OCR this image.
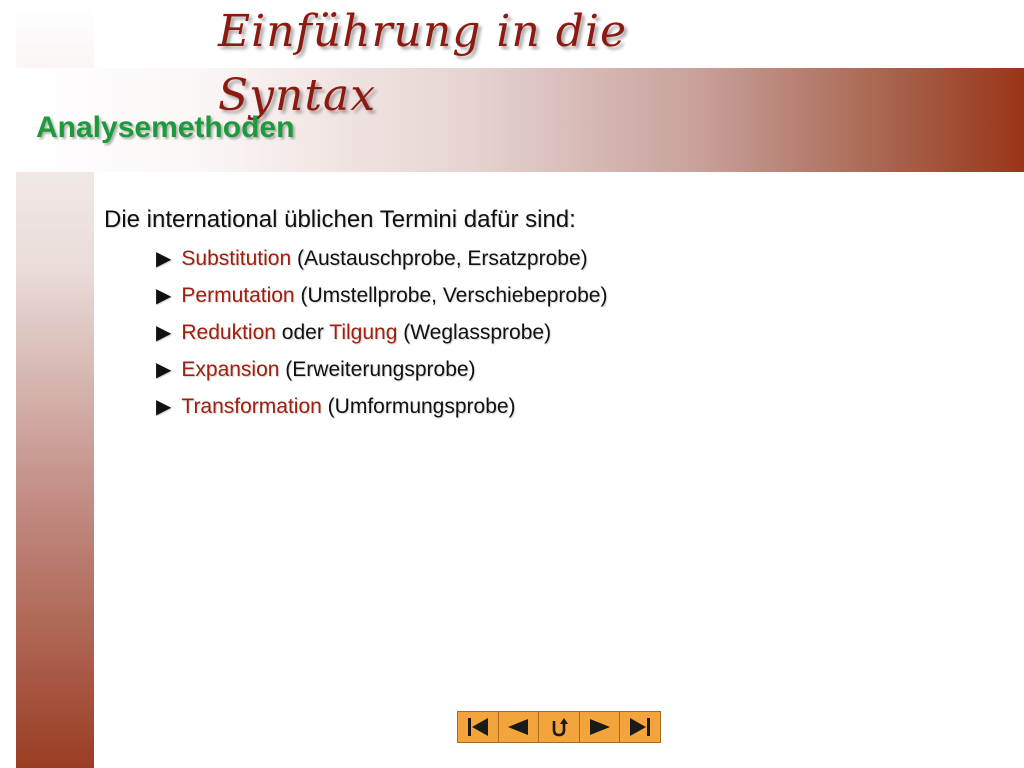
Einführung in die Syntax
Analysemethoden

Die international üblichen Termini dafür sind:

▶ Substitution (Austauschprobe, Ersatzprobe)
▶ Permutation (Umstellprobe, Verschiebeprobe)
▶ Reduktion oder Tilgung (Weglassprobe)
▶ Expansion (Erweiterungsprobe)
▶ Transformation (Umformungsprobe)
